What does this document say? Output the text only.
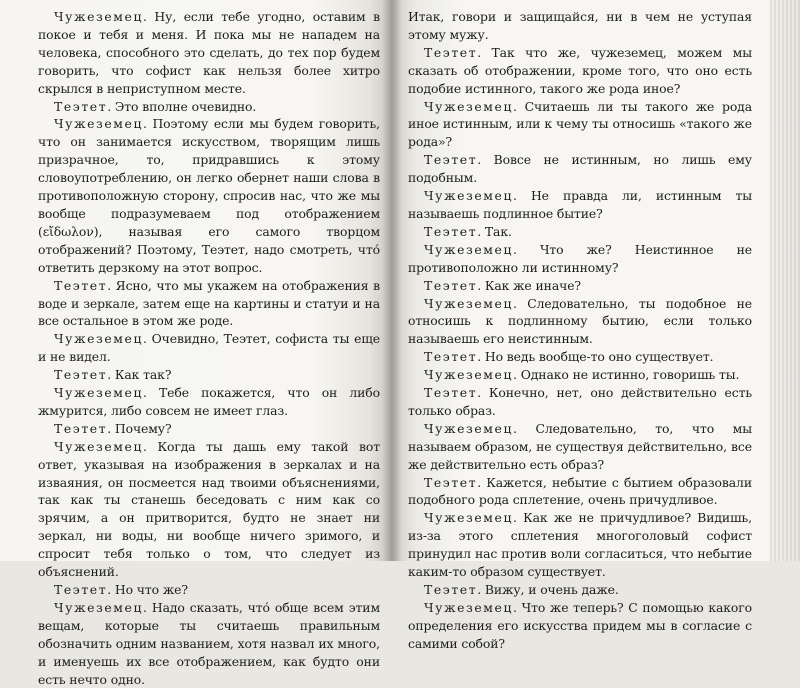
Чужеземец. Ну, если тебе угодно, оставим в покое и тебя и меня. И пока мы не нападем на человека, способного это сделать, до тех пор будем говорить, что софист как нельзя более хитро скрылся в неприступном месте.

Теэтет. Это вполне очевидно.

Чужеземец. Поэтому если мы будем говорить, что он занимается искусством, творящим лишь призрачное, то, придравшись к этому словоупотреблению, он легко обернет наши слова в противоположную сторону, спросив нас, что же мы вообще подразумеваем под отображением (εἴδωλον), называя его самого творцом отображений? Поэтому, Теэтет, надо смотреть, что́ ответить дерзкому на этот вопрос.

Теэтет. Ясно, что мы укажем на отображения в воде и зеркале, затем еще на картины и статуи и на все остальное в этом же роде.

Чужеземец. Очевидно, Теэтет, софиста ты еще и не видел.

Теэтет. Как так?

Чужеземец. Тебе покажется, что он либо жмурится, либо совсем не имеет глаз.

Теэтет. Почему?

Чужеземец. Когда ты дашь ему такой вот ответ, указывая на изображения в зеркалах и на изваяния, он посмеется над твоими объяснениями, так как ты станешь беседовать с ним как со зрячим, а он притворится, будто не знает ни зеркал, ни воды, ни вообще ничего зримого, и спросит тебя только о том, что следует из объяснений.

Теэтет. Но что же?

Чужеземец. Надо сказать, что́ обще всем этим вещам, которые ты считаешь правильным обозначить одним названием, хотя назвал их много, и именуешь их все отображением, как будто они есть нечто одно.

Итак, говори и защищайся, ни в чем не уступая этому мужу.

Теэтет. Так что же, чужеземец, можем мы сказать об отображении, кроме того, что оно есть подобие истинного, такого же рода иное?

Чужеземец. Считаешь ли ты такого же рода иное истинным, или к чему ты относишь «такого же рода»?

Теэтет. Вовсе не истинным, но лишь ему подобным.

Чужеземец. Не правда ли, истинным ты называешь подлинное бытие?

Теэтет. Так.

Чужеземец. Что же? Неистинное не противоположно ли истинному?

Теэтет. Как же иначе?

Чужеземец. Следовательно, ты подобное не относишь к подлинному бытию, если только называешь его неистинным.

Теэтет. Но ведь вообще-то оно существует.

Чужеземец. Однако не истинно, говоришь ты.

Теэтет. Конечно, нет, оно действительно есть только образ.

Чужеземец. Следовательно, то, что мы называем образом, не существуя действительно, все же действительно есть образ?

Теэтет. Кажется, небытие с бытием образовали подобного рода сплетение, очень причудливое.

Чужеземец. Как же не причудливое? Видишь, из-за этого сплетения многоголовый софист принудил нас против воли согласиться, что небытие каким-то образом существует.

Теэтет. Вижу, и очень даже.

Чужеземец. Что же теперь? С помощью какого определения его искусства придем мы в согласие с самими собой?
